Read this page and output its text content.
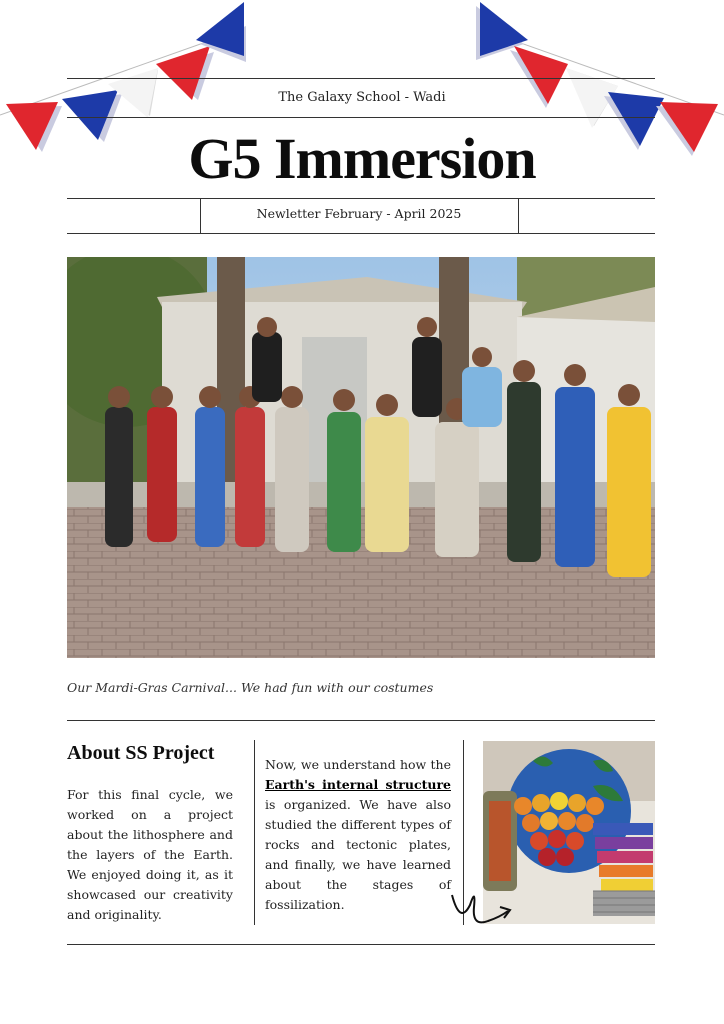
The Galaxy School - Wadi
G5 Immersion
Newletter February - April 2025
Our Mardi-Gras Carnival... We had fun with our costumes
About SS Project
For this final cycle, we worked on a project about the lithosphere and the layers of the Earth. We enjoyed doing it, as it showcased our creativity and originality.
Now, we understand how the Earth's internal structure is organized. We have also studied the different types of rocks and tectonic plates, and finally, we have learned about the stages of fossilization.
